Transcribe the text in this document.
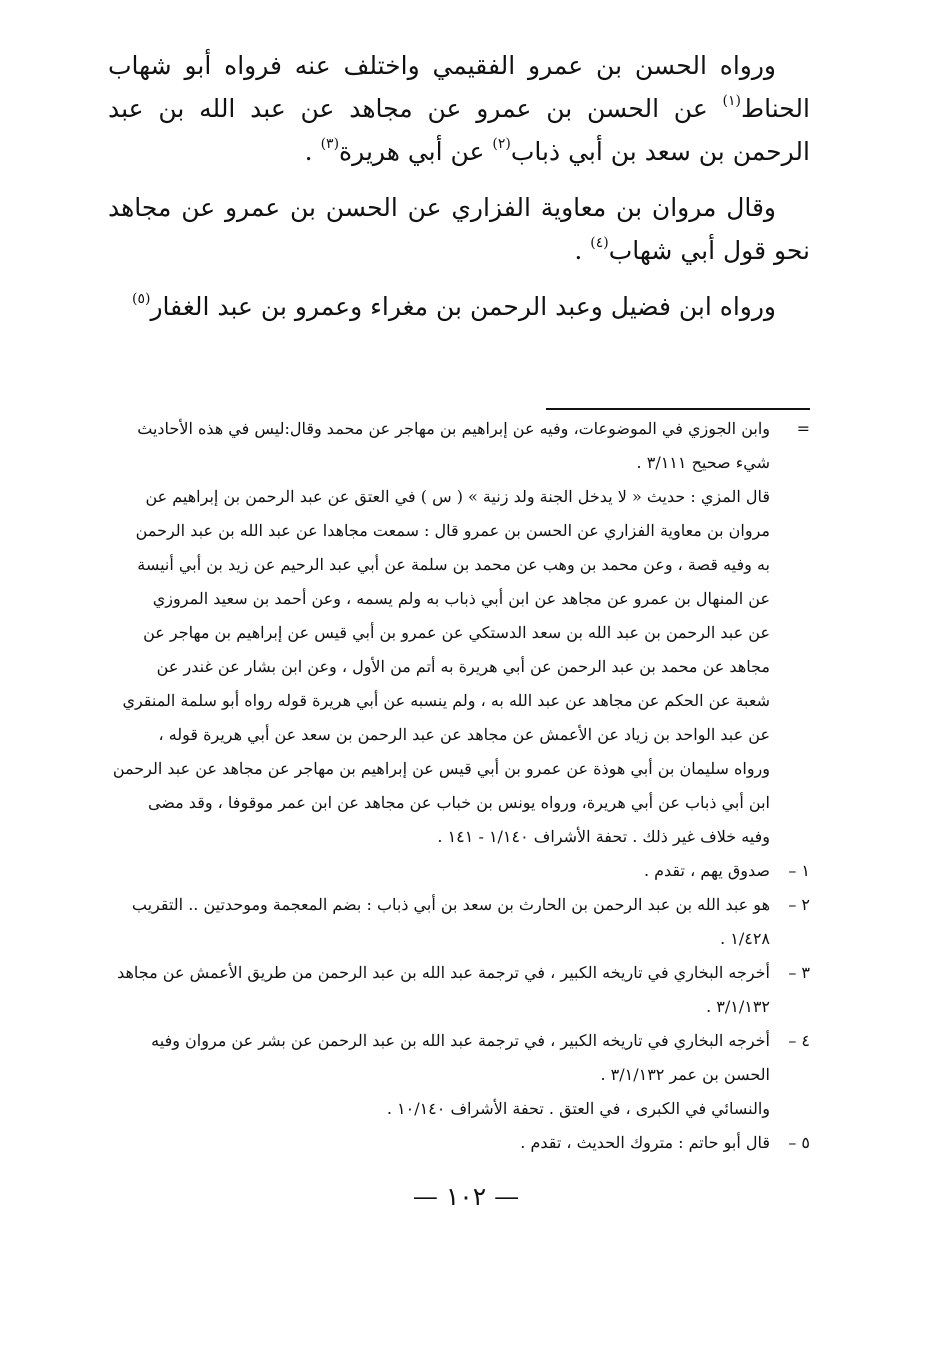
ورواه الحسن بن عمرو الفقيمي واختلف عنه فرواه أبو شهاب الحناط$^{(١)}$ عن الحسن بن عمرو عن مجاهد عن عبد الله بن عبد الرحمن بن سعد بن أبي ذباب$^{(٢)}$ عن أبي هريرة$^{(٣)}$ .

وقال مروان بن معاوية الفزاري عن الحسن بن عمرو عن مجاهد نحو قول أبي شهاب$^{(٤)}$ .

ورواه ابن فضيل وعبد الرحمن بن مغراء وعمرو بن عبد الغفار$^{(٥)}$

=
وابن الجوزي في الموضوعات، وفيه عن إبراهيم بن مهاجر عن محمد وقال:ليس في هذه الأحاديث
شيء صحيح ٣/١١١ .
قال المزي : حديث « لا يدخل الجنة ولد زنية » ( س ) في العتق عن عبد الرحمن بن إبراهيم عن
مروان بن معاوية الفزاري عن الحسن بن عمرو قال : سمعت مجاهدا عن عبد الله بن عبد الرحمن
به وفيه قصة ، وعن محمد بن وهب عن محمد بن سلمة عن أبي عبد الرحيم عن زيد بن أبي أنيسة
عن المنهال بن عمرو عن مجاهد عن ابن أبي ذباب به ولم يسمه ، وعن أحمد بن سعيد المروزي
عن عبد الرحمن بن عبد الله بن سعد الدستكي عن عمرو بن أبي قيس عن إبراهيم بن مهاجر عن
مجاهد عن محمد بن عبد الرحمن عن أبي هريرة به أتم من الأول ، وعن ابن بشار عن غندر عن
شعبة عن الحكم عن مجاهد عن عبد الله به ، ولم ينسبه عن أبي هريرة قوله رواه أبو سلمة المنقري
عن عبد الواحد بن زياد عن الأعمش عن مجاهد عن عبد الرحمن بن سعد عن أبي هريرة قوله ،
ورواه سليمان بن أبي هوذة عن عمرو بن أبي قيس عن إبراهيم بن مهاجر عن مجاهد عن عبد الرحمن
ابن أبي ذباب عن أبي هريرة، ورواه يونس بن خباب عن مجاهد عن ابن عمر موقوفا ، وقد مضى
وفيه خلاف غير ذلك . تحفة الأشراف ١/١٤٠ - ١٤١ .
١ –
صدوق يهم ، تقدم .
٢ –
هو عبد الله بن عبد الرحمن بن الحارث بن سعد بن أبي ذباب : بضم المعجمة وموحدتين .. التقريب
١/٤٢٨ .
٣ –
أخرجه البخاري في تاريخه الكبير ، في ترجمة عبد الله بن عبد الرحمن من طريق الأعمش عن مجاهد
٣/١/١٣٢ .
٤ –
أخرجه البخاري في تاريخه الكبير ، في ترجمة عبد الله بن عبد الرحمن عن بشر عن مروان وفيه
الحسن بن عمر ٣/١/١٣٢ .
والنسائي في الكبرى ، في العتق . تحفة الأشراف ١٠/١٤٠ .
٥ –
قال أبو حاتم : متروك الحديث ، تقدم .
— ١٠٢ —
